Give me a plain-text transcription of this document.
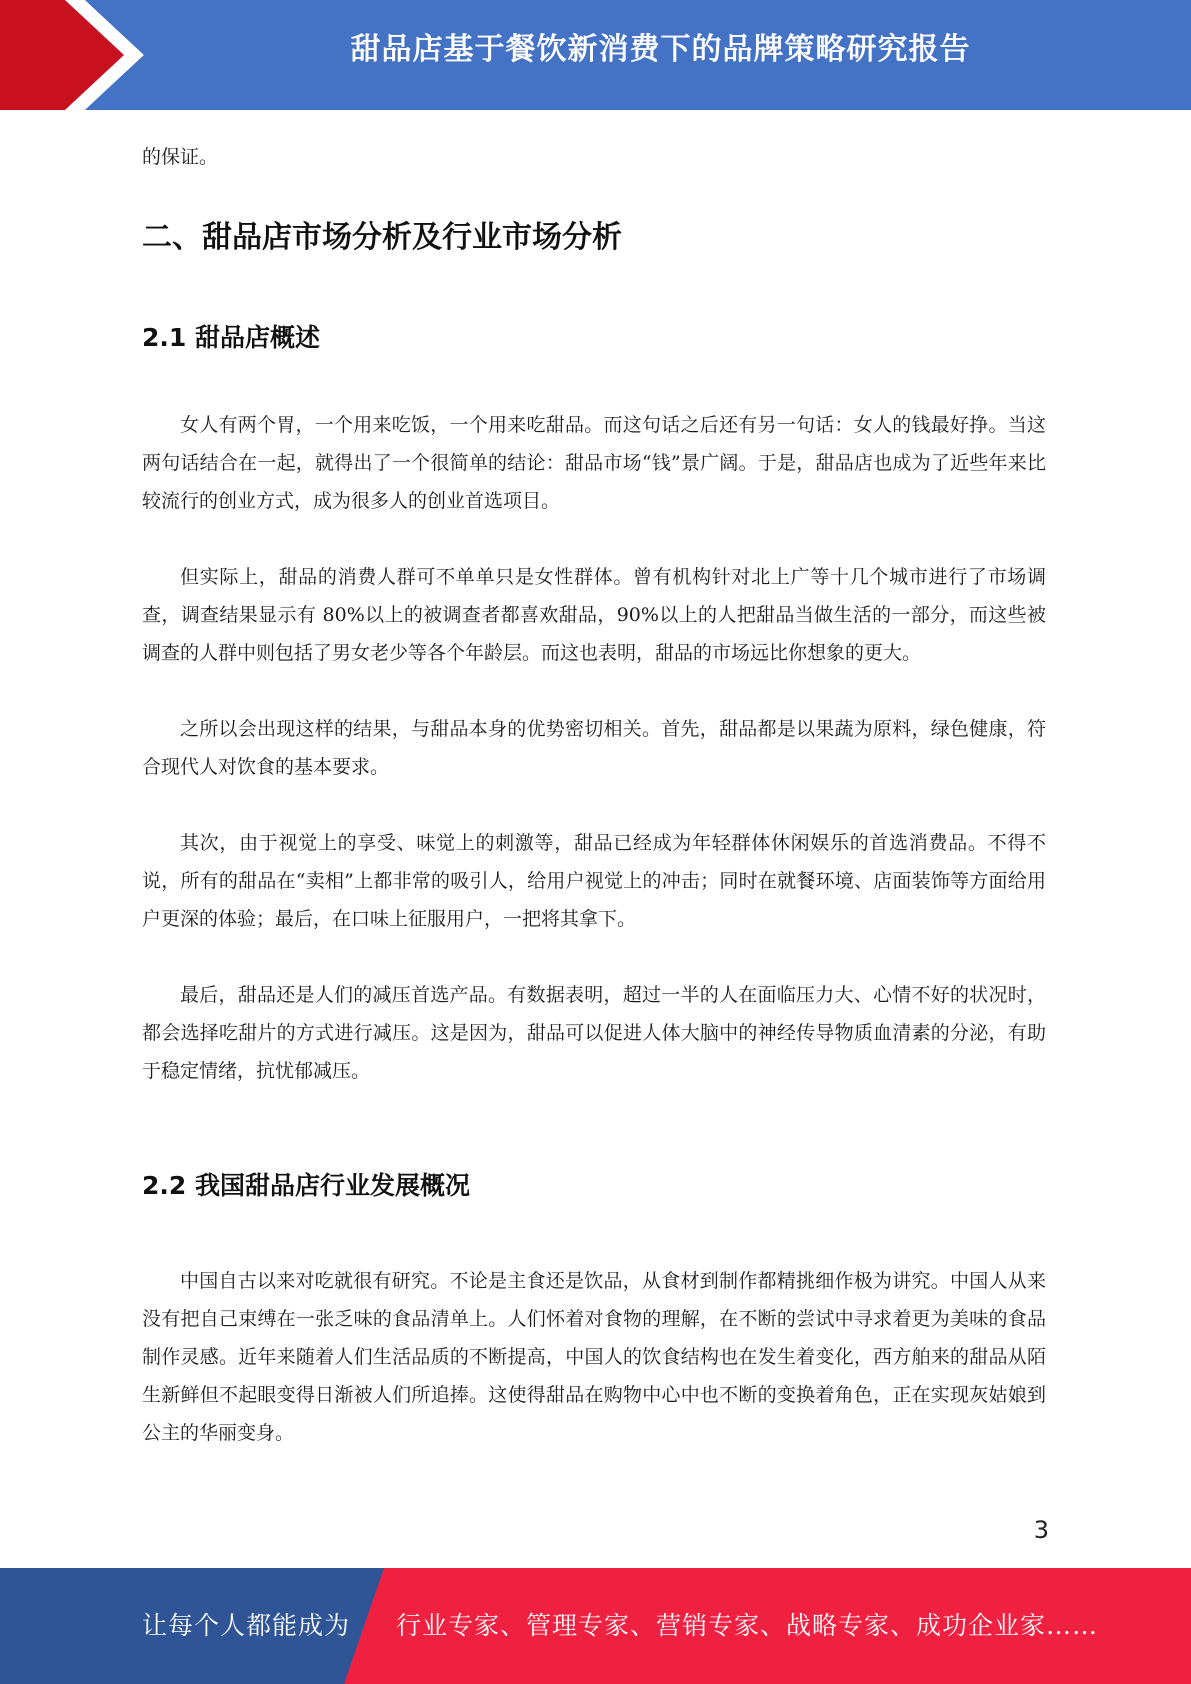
甜品店基于餐饮新消费下的品牌策略研究报告

的保证。

二、甜品店市场分析及行业市场分析
2.1 甜品店概述

女人有两个胃，一个用来吃饭，一个用来吃甜品。而这句话之后还有另一句话：女人的钱最好挣。当这两句话结合在一起，就得出了一个很简单的结论：甜品市场“钱”景广阔。于是，甜品店也成为了近些年来比较流行的创业方式，成为很多人的创业首选项目。

但实际上，甜品的消费人群可不单单只是女性群体。曾有机构针对北上广等十几个城市进行了市场调查，调查结果显示有 80%以上的被调查者都喜欢甜品，90%以上的人把甜品当做生活的一部分，而这些被调查的人群中则包括了男女老少等各个年龄层。而这也表明，甜品的市场远比你想象的更大。

之所以会出现这样的结果，与甜品本身的优势密切相关。首先，甜品都是以果蔬为原料，绿色健康，符合现代人对饮食的基本要求。

其次，由于视觉上的享受、味觉上的刺激等，甜品已经成为年轻群体休闲娱乐的首选消费品。不得不说，所有的甜品在“卖相”上都非常的吸引人，给用户视觉上的冲击；同时在就餐环境、店面装饰等方面给用户更深的体验；最后，在口味上征服用户，一把将其拿下。

最后，甜品还是人们的减压首选产品。有数据表明，超过一半的人在面临压力大、心情不好的状况时，都会选择吃甜片的方式进行减压。这是因为，甜品可以促进人体大脑中的神经传导物质血清素的分泌，有助于稳定情绪，抗忧郁减压。

2.2 我国甜品店行业发展概况

中国自古以来对吃就很有研究。不论是主食还是饮品，从食材到制作都精挑细作极为讲究。中国人从来没有把自己束缚在一张乏味的食品清单上。人们怀着对食物的理解，在不断的尝试中寻求着更为美味的食品制作灵感。近年来随着人们生活品质的不断提高，中国人的饮食结构也在发生着变化，西方舶来的甜品从陌生新鲜但不起眼变得日渐被人们所追捧。这使得甜品在购物中心中也不断的变换着角色，正在实现灰姑娘到公主的华丽变身。

3
让每个人都能成为 行业专家、管理专家、营销专家、战略专家、成功企业家……
